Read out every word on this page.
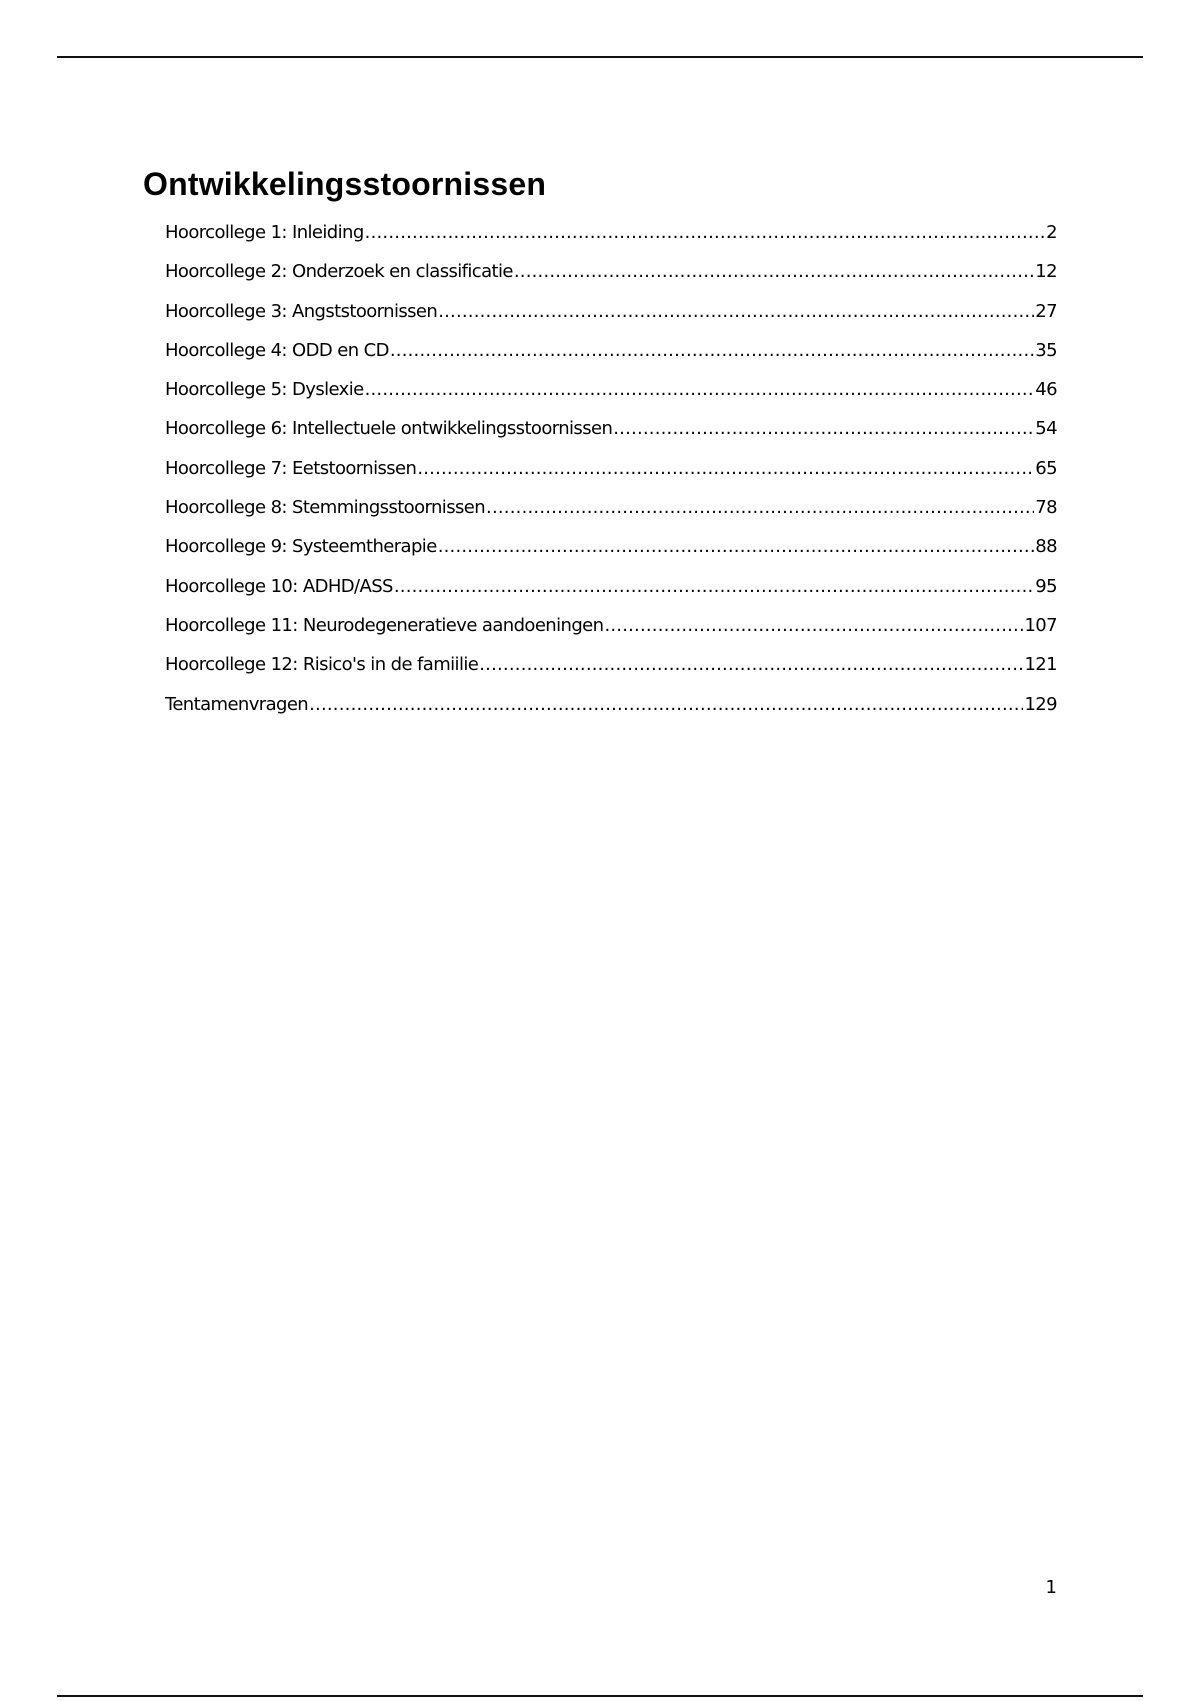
Ontwikkelingsstoornissen
Hoorcollege 1: Inleiding .....	2
Hoorcollege 2: Onderzoek en classificatie .....	12
Hoorcollege 3: Angststoornissen .....	27
Hoorcollege 4: ODD en CD .....	35
Hoorcollege 5: Dyslexie .....	46
Hoorcollege 6: Intellectuele ontwikkelingsstoornissen .....	54
Hoorcollege 7: Eetstoornissen .....	65
Hoorcollege 8: Stemmingsstoornissen .....	78
Hoorcollege 9: Systeemtherapie .....	88
Hoorcollege 10: ADHD/ASS .....	95
Hoorcollege 11: Neurodegeneratieve aandoeningen .....	107
Hoorcollege 12: Risico's in de famiilie .....	121
Tentamenvragen .....	129
1
